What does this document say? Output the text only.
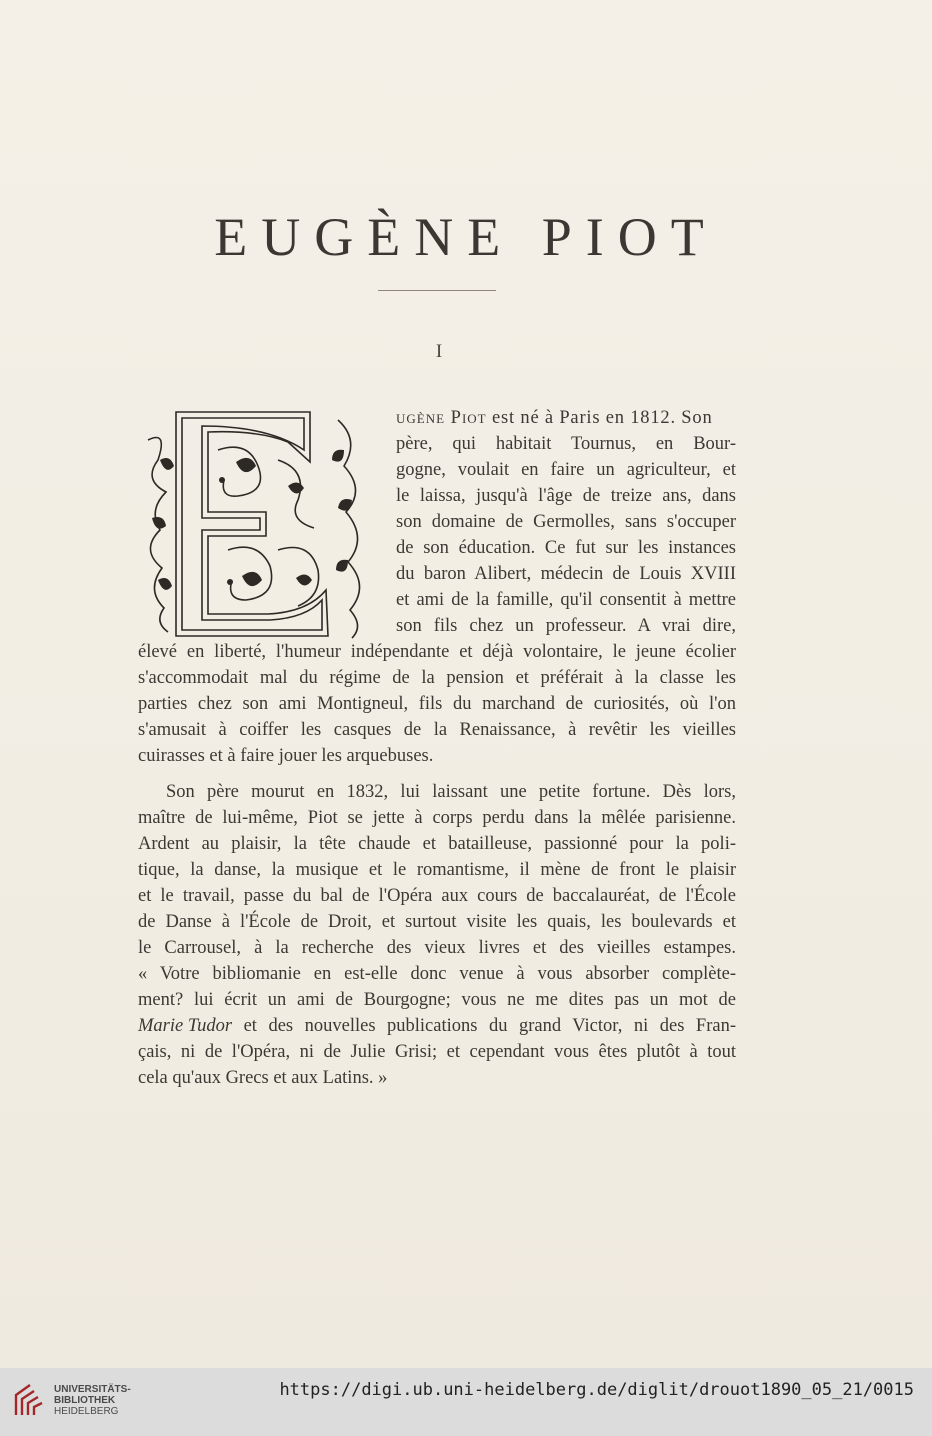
EUGÈNE PIOT
I
ugène Piot est né à Paris en 1812. Son
père, qui habitait Tournus, en Bour-
gogne, voulait en faire un agriculteur, et
le laissa, jusqu'à l'âge de treize ans, dans
son domaine de Germolles, sans s'occuper
de son éducation. Ce fut sur les instances
du baron Alibert, médecin de Louis XVIII
et ami de la famille, qu'il consentit à mettre
son fils chez un professeur. A vrai dire,
élevé en liberté, l'humeur indépendante et déjà volontaire, le jeune écolier
s'accommodait mal du régime de la pension et préférait à la classe les
parties chez son ami Montigneul, fils du marchand de curiosités, où l'on
s'amusait à coiffer les casques de la Renaissance, à revêtir les vieilles
cuirasses et à faire jouer les arquebuses.
Son père mourut en 1832, lui laissant une petite fortune. Dès lors,
maître de lui-même, Piot se jette à corps perdu dans la mêlée parisienne.
Ardent au plaisir, la tête chaude et batailleuse, passionné pour la poli-
tique, la danse, la musique et le romantisme, il mène de front le plaisir
et le travail, passe du bal de l'Opéra aux cours de baccalauréat, de l'École
de Danse à l'École de Droit, et surtout visite les quais, les boulevards et
le Carrousel, à la recherche des vieux livres et des vieilles estampes.
« Votre bibliomanie en est-elle donc venue à vous absorber complète-
ment? lui écrit un ami de Bourgogne; vous ne me dites pas un mot de
Marie Tudor et des nouvelles publications du grand Victor, ni des Fran-
çais, ni de l'Opéra, ni de Julie Grisi; et cependant vous êtes plutôt à tout
cela qu'aux Grecs et aux Latins. »
UNIVERSITÄTS-
BIBLIOTHEK
HEIDELBERG
https://digi.ub.uni-heidelberg.de/diglit/drouot1890_05_21/0015
